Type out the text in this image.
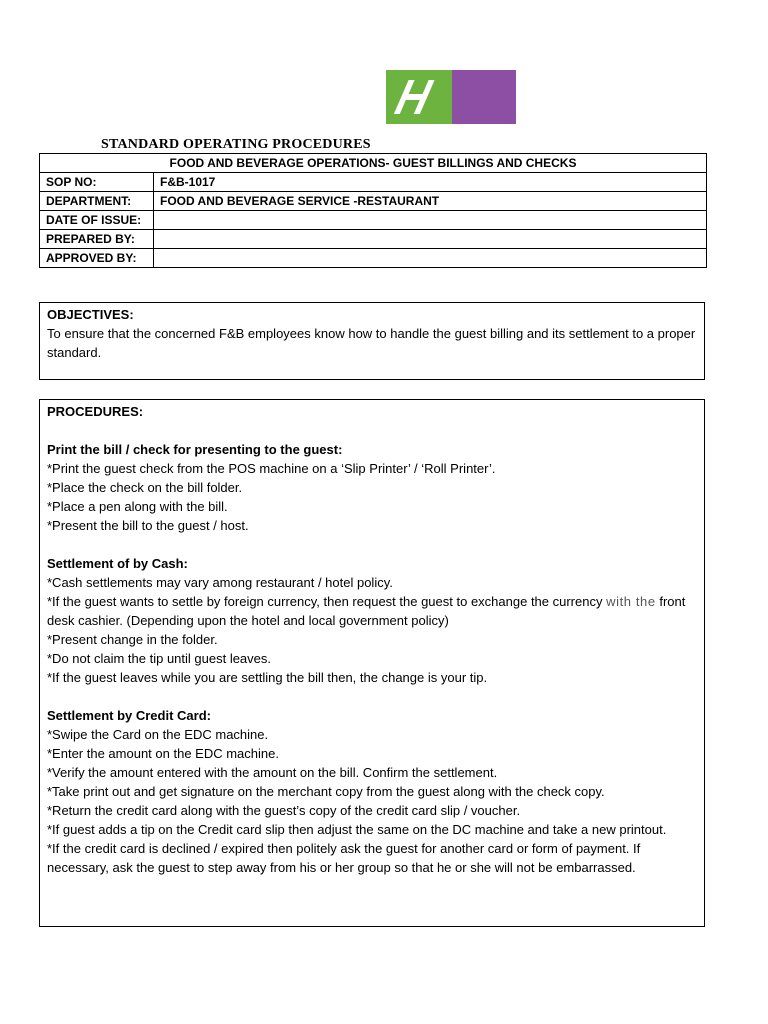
STANDARD OPERATING PROCEDURES
FOOD AND BEVERAGE OPERATIONS- GUEST BILLINGS AND CHECKS	
SOP NO:	F&B-1017
DEPARTMENT:	FOOD AND BEVERAGE SERVICE -RESTAURANT
DATE OF ISSUE:	
PREPARED BY:	
APPROVED BY:	
OBJECTIVES:
To ensure that the concerned F&B employees know how to handle the guest billing and its settlement to a proper standard.
PROCEDURES:
Print the bill / check for presenting to the guest:
*Print the guest check from the POS machine on a ‘Slip Printer’ / ‘Roll Printer’.
*Place the check on the bill folder.
*Place a pen along with the bill.
*Present the bill to the guest / host.
Settlement of by Cash:
*Cash settlements may vary among restaurant / hotel policy.
*If the guest wants to settle by foreign currency, then request the guest to exchange the currency with the front desk cashier. (Depending upon the hotel and local government policy)
*Present change in the folder.
*Do not claim the tip until guest leaves.
*If the guest leaves while you are settling the bill then, the change is your tip.
Settlement by Credit Card:
*Swipe the Card on the EDC machine.
*Enter the amount on the EDC machine.
*Verify the amount entered with the amount on the bill. Confirm the settlement.
*Take print out and get signature on the merchant copy from the guest along with the check copy.
*Return the credit card along with the guest’s copy of the credit card slip / voucher.
*If guest adds a tip on the Credit card slip then adjust the same on the DC machine and take a new printout.
*If the credit card is declined / expired then politely ask the guest for another card or form of payment. If necessary, ask the guest to step away from his or her group so that he or she will not be embarrassed.
